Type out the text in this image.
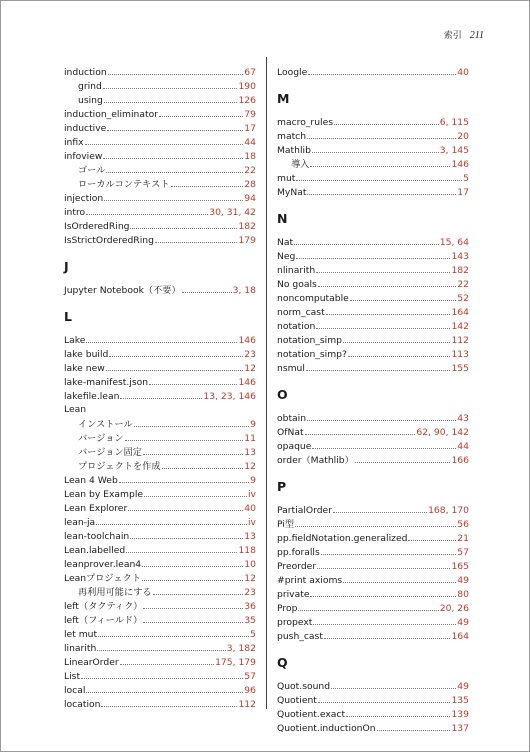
索引 211
induction	67
grind	190
using	126
induction_eliminator	79
inductive	17
infix	44
infoview	18
ゴール	22
ローカルコンテキスト	28
injection	94
intro	30, 31, 42
IsOrderedRing	182
IsStrictOrderedRing	179
J
Jupyter Notebook（不要）	3, 18
L
Lake	146
lake build	23
lake new	12
lake-manifest.json	146
lakefile.lean	13, 23, 146
Lean
インストール	9
バージョン	11
バージョン固定	13
プロジェクトを作成	12
Lean 4 Web	9
Lean by Example	iv
Lean Explorer	40
lean-ja	iv
lean-toolchain	13
Lean.labelled	118
leanprover.lean4	10
Leanプロジェクト	12
再利用可能にする	23
left（タクティク）	36
left（フィールド）	35
let mut	5
linarith	3, 182
LinearOrder	175, 179
List	57
local	96
location	112
Loogle	40
M
macro_rules	6, 115
match	20
Mathlib	3, 145
導入	146
mut	5
MyNat	17
N
Nat	15, 64
Neg	143
nlinarith	182
No goals	22
noncomputable	52
norm_cast	164
notation	142
notation_simp	112
notation_simp?	113
nsmul	155
O
obtain	43
OfNat	62, 90, 142
opaque	44
order（Mathlib）	166
P
PartialOrder	168, 170
Pi型	56
pp.fieldNotation.generalized	21
pp.foralls	57
Preorder	165
#print axioms	49
private	80
Prop	20, 26
propext	49
push_cast	164
Q
Quot.sound	49
Quotient	135
Quotient.exact	139
Quotient.inductionOn	137
